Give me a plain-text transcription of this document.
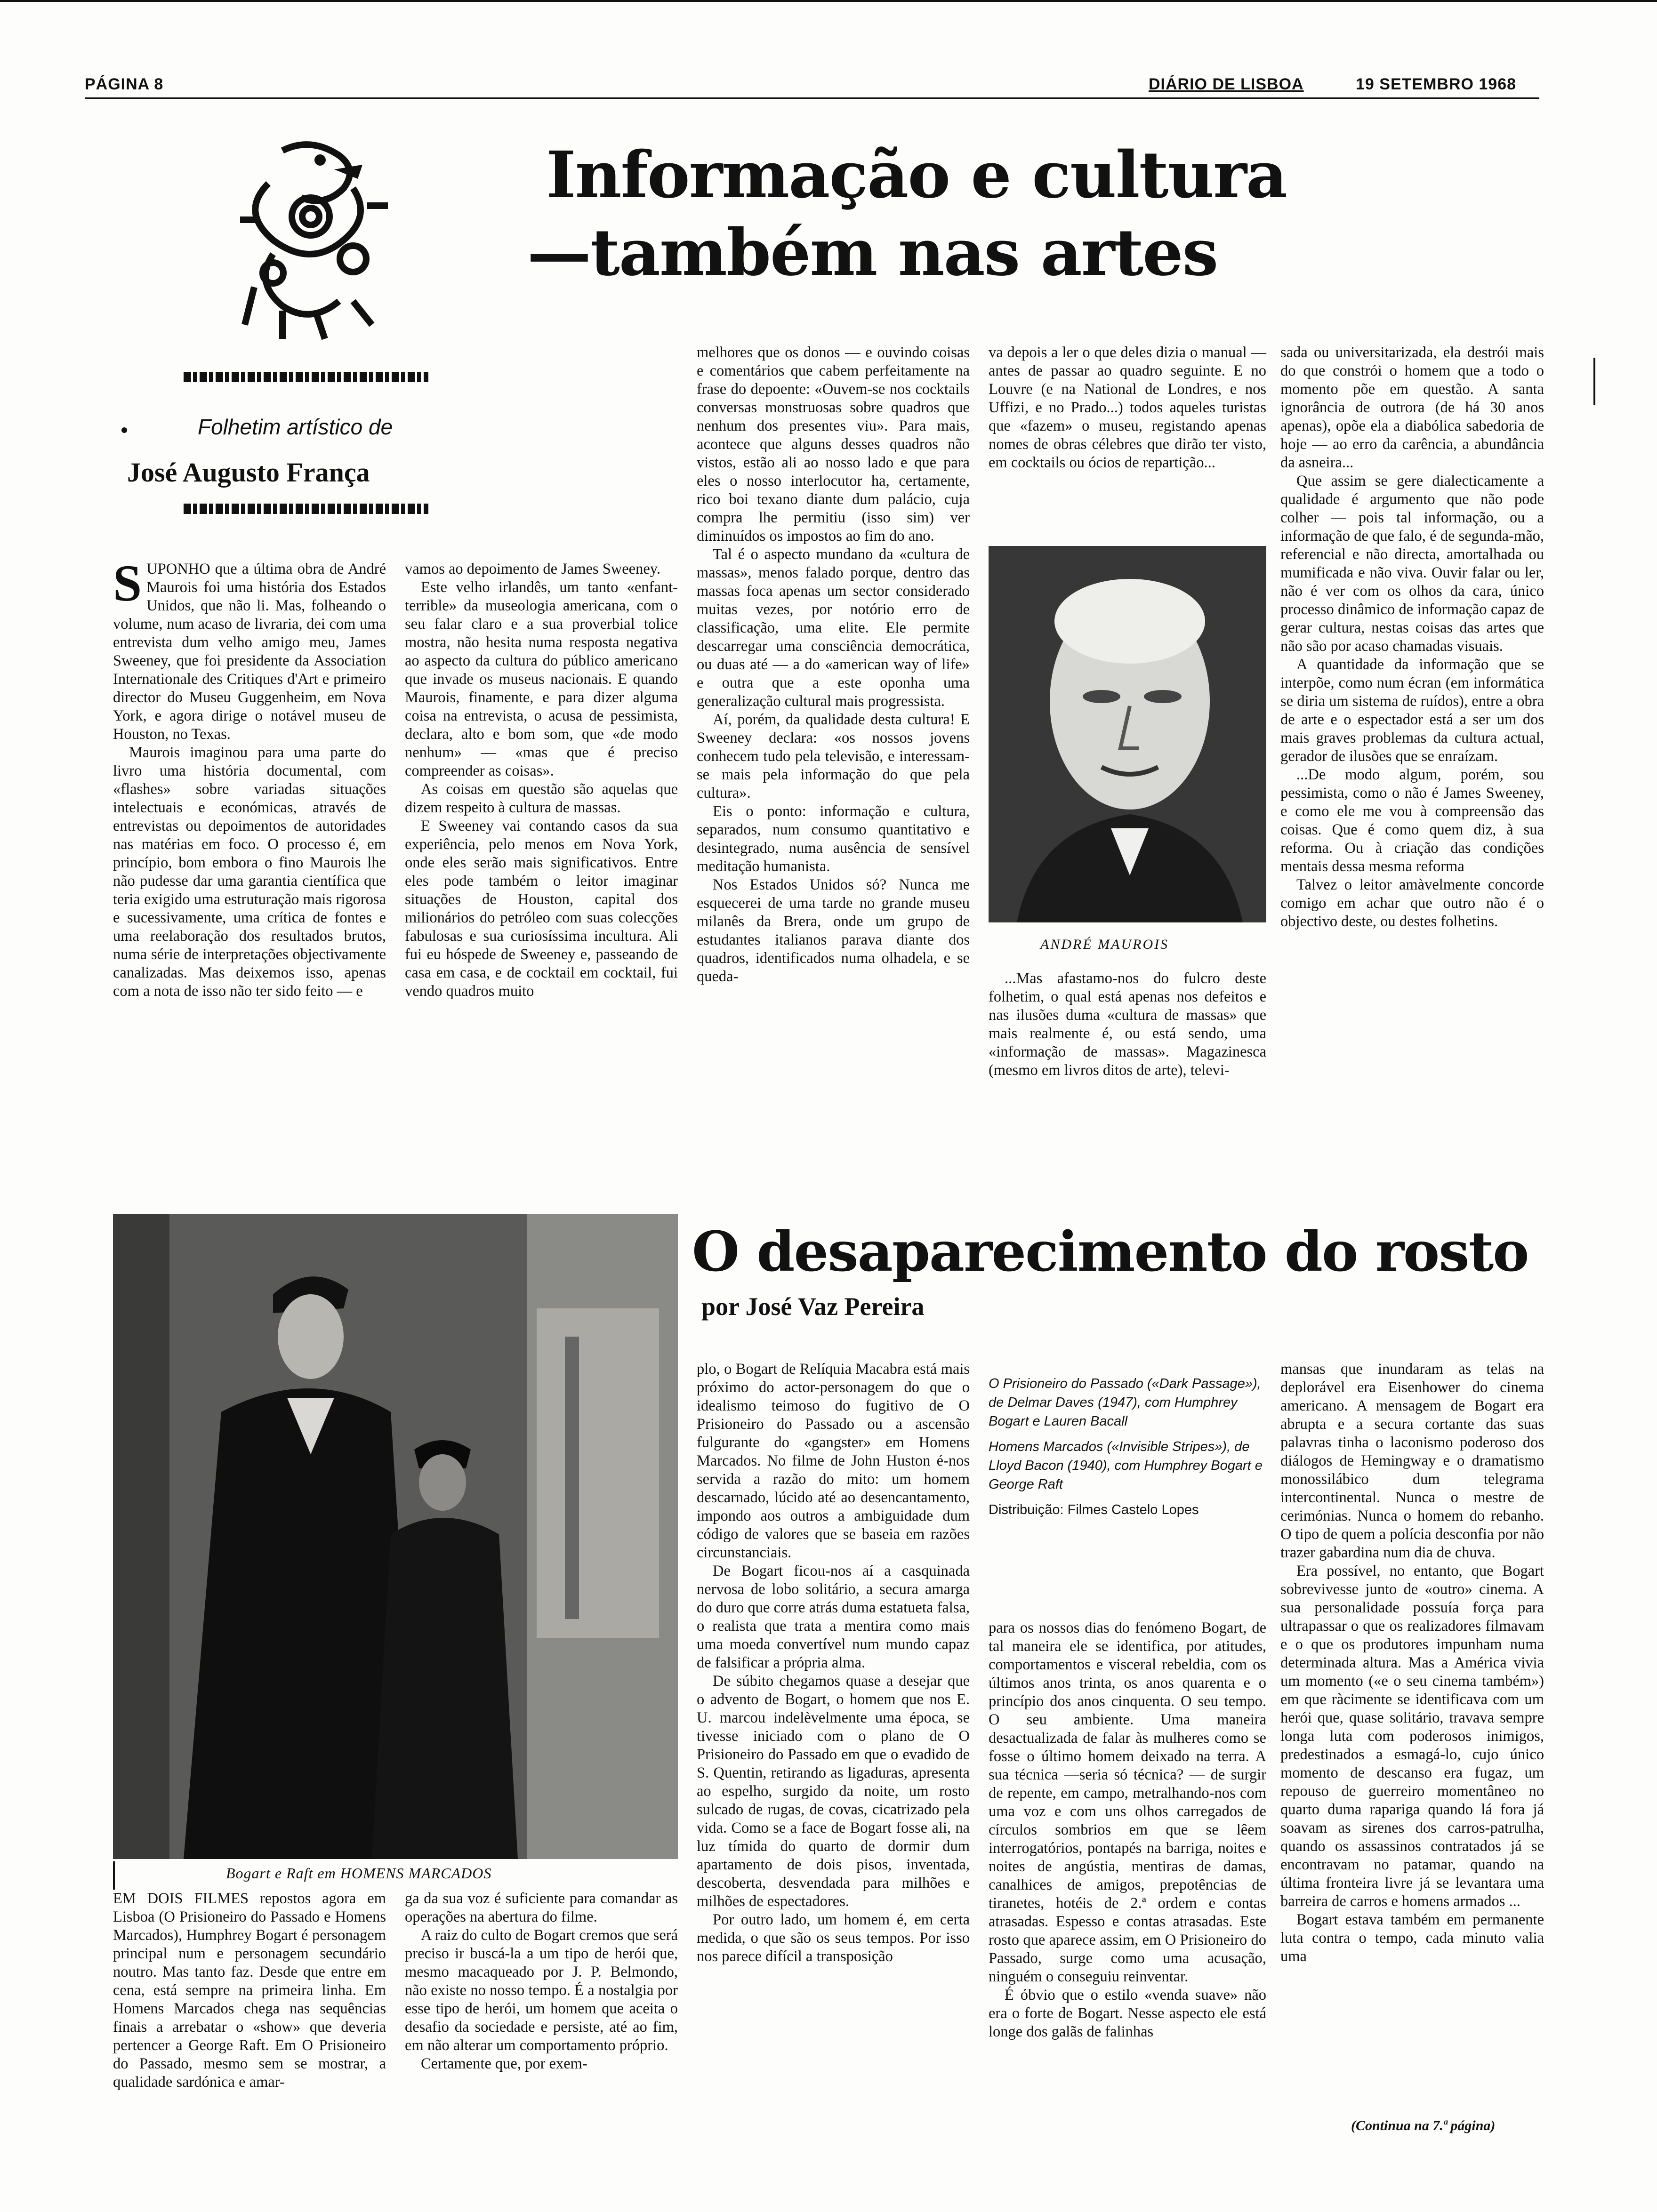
PÁGINA 8	DIÁRIO DE LISBOA	19 SETEMBRO 1968
Folhetim artístico de
José Augusto França
Informação e cultura
—também nas artes

SUPONHO que a última obra de André Maurois foi uma história dos Estados Unidos, que não li. Mas, folheando o volume, num acaso de livraria, dei com uma entrevista dum velho amigo meu, James Sweeney, que foi presidente da Association Internationale des Critiques d'Art e primeiro director do Museu Guggenheim, em Nova York, e agora dirige o notável museu de Houston, no Texas.

Maurois imaginou para uma parte do livro uma história documental, com «flashes» sobre variadas situações intelectuais e económicas, através de entrevistas ou depoimentos de autoridades nas matérias em foco. O processo é, em princípio, bom embora o fino Maurois lhe não pudesse dar uma garantia científica que teria exigido uma estruturação mais rigorosa e sucessivamente, uma crítica de fontes e uma reelaboração dos resultados brutos, numa série de interpretações objectivamente canalizadas. Mas deixemos isso, apenas com a nota de isso não ter sido feito — e

vamos ao depoimento de James Sweeney.

Este velho irlandês, um tanto «enfant-terrible» da museologia americana, com o seu falar claro e a sua proverbial tolice mostra, não hesita numa resposta negativa ao aspecto da cultura do público americano que invade os museus nacionais. E quando Maurois, finamente, e para dizer alguma coisa na entrevista, o acusa de pessimista, declara, alto e bom som, que «de modo nenhum» — «mas que é preciso compreender as coisas».

As coisas em questão são aquelas que dizem respeito à cultura de massas.

E Sweeney vai contando casos da sua experiência, pelo menos em Nova York, onde eles serão mais significativos. Entre eles pode também o leitor imaginar situações de Houston, capital dos milionários do petróleo com suas colecções fabulosas e sua curiosíssima incultura. Ali fui eu hóspede de Sweeney e, passeando de casa em casa, e de cocktail em cocktail, fui vendo quadros muito

melhores que os donos — e ouvindo coisas e comentários que cabem perfeitamente na frase do depoente: «Ouvem-se nos cocktails conversas monstruosas sobre quadros que nenhum dos presentes viu». Para mais, acontece que alguns desses quadros não vistos, estão ali ao nosso lado e que para eles o nosso interlocutor ha, certamente, rico boi texano diante dum palácio, cuja compra lhe permitiu (isso sim) ver diminuídos os impostos ao fim do ano.

Tal é o aspecto mundano da «cultura de massas», menos falado porque, dentro das massas foca apenas um sector considerado muitas vezes, por notório erro de classificação, uma elite. Ele permite descarregar uma consciência democrática, ou duas até — a do «american way of life» e outra que a este oponha uma generalização cultural mais progressista.

Aí, porém, da qualidade desta cultura! E Sweeney declara: «os nossos jovens conhecem tudo pela televisão, e interessam-se mais pela informação do que pela cultura».

Eis o ponto: informação e cultura, separados, num consumo quantitativo e desintegrado, numa ausência de sensível meditação humanista.

Nos Estados Unidos só? Nunca me esquecerei de uma tarde no grande museu milanês da Brera, onde um grupo de estudantes italianos parava diante dos quadros, identificados numa olhadela, e se queda-

va depois a ler o que deles dizia o manual — antes de passar ao quadro seguinte. E no Louvre (e na National de Londres, e nos Uffizi, e no Prado...) todos aqueles turistas que «fazem» o museu, registando apenas nomes de obras célebres que dirão ter visto, em cocktails ou ócios de repartição...

ANDRÉ MAUROIS

...Mas afastamo-nos do fulcro deste folhetim, o qual está apenas nos defeitos e nas ilusões duma «cultura de massas» que mais realmente é, ou está sendo, uma «informação de massas». Magazinesca (mesmo em livros ditos de arte), televi-

sada ou universitarizada, ela destrói mais do que constrói o homem que a todo o momento põe em questão. A santa ignorância de outrora (de há 30 anos apenas), opõe ela a diabólica sabedoria de hoje — ao erro da carência, a abundância da asneira...

Que assim se gere dialecticamente a qualidade é argumento que não pode colher — pois tal informação, ou a informação de que falo, é de segunda-mão, referencial e não directa, amortalhada ou mumificada e não viva. Ouvir falar ou ler, não é ver com os olhos da cara, único processo dinâmico de informação capaz de gerar cultura, nestas coisas das artes que não são por acaso chamadas visuais.

A quantidade da informação que se interpõe, como num écran (em informática se diria um sistema de ruídos), entre a obra de arte e o espectador está a ser um dos mais graves problemas da cultura actual, gerador de ilusões que se enraízam.

...De modo algum, porém, sou pessimista, como o não é James Sweeney, e como ele me vou à compreensão das coisas. Que é como quem diz, à sua reforma. Ou à criação das condições mentais dessa mesma reforma

Talvez o leitor amàvelmente concorde comigo em achar que outro não é o objectivo deste, ou destes folhetins.

Bogart e Raft em HOMENS MARCADOS
O desaparecimento do rosto
por José Vaz Pereira

EM DOIS FILMES repostos agora em Lisboa (O Prisioneiro do Passado e Homens Marcados), Humphrey Bogart é personagem principal num e personagem secundário noutro. Mas tanto faz. Desde que entre em cena, está sempre na primeira linha. Em Homens Marcados chega nas sequências finais a arrebatar o «show» que deveria pertencer a George Raft. Em O Prisioneiro do Passado, mesmo sem se mostrar, a qualidade sardónica e amar-

ga da sua voz é suficiente para comandar as operações na abertura do filme.

A raiz do culto de Bogart cremos que será preciso ir buscá-la a um tipo de herói que, mesmo macaqueado por J. P. Belmondo, não existe no nosso tempo. É a nostalgia por esse tipo de herói, um homem que aceita o desafio da sociedade e persiste, até ao fim, em não alterar um comportamento próprio.

Certamente que, por exem-

plo, o Bogart de Relíquia Macabra está mais próximo do actor-personagem do que o idealismo teimoso do fugitivo de O Prisioneiro do Passado ou a ascensão fulgurante do «gangster» em Homens Marcados. No filme de John Huston é-nos servida a razão do mito: um homem descarnado, lúcido até ao desencantamento, impondo aos outros a ambiguidade dum código de valores que se baseia em razões circunstanciais.

De Bogart ficou-nos aí a casquinada nervosa de lobo solitário, a secura amarga do duro que corre atrás duma estatueta falsa, o realista que trata a mentira como mais uma moeda convertível num mundo capaz de falsificar a própria alma.

De súbito chegamos quase a desejar que o advento de Bogart, o homem que nos E. U. marcou indelèvelmente uma época, se tivesse iniciado com o plano de O Prisioneiro do Passado em que o evadido de S. Quentin, retirando as ligaduras, apresenta ao espelho, surgido da noite, um rosto sulcado de rugas, de covas, cicatrizado pela vida. Como se a face de Bogart fosse ali, na luz tímida do quarto de dormir dum apartamento de dois pisos, inventada, descoberta, desvendada para milhões e milhões de espectadores.

Por outro lado, um homem é, em certa medida, o que são os seus tempos. Por isso nos parece difícil a transposição

O Prisioneiro do Passado («Dark Passage»), de Delmar Daves (1947), com Humphrey Bogart e Lauren Bacall
Homens Marcados («Invisible Stripes»), de Lloyd Bacon (1940), com Humphrey Bogart e George Raft
Distribuição: Filmes Castelo Lopes

para os nossos dias do fenómeno Bogart, de tal maneira ele se identifica, por atitudes, comportamentos e visceral rebeldia, com os últimos anos trinta, os anos quarenta e o princípio dos anos cinquenta. O seu tempo. O seu ambiente. Uma maneira desactualizada de falar às mulheres como se fosse o último homem deixado na terra. A sua técnica —seria só técnica? — de surgir de repente, em campo, metralhando-nos com uma voz e com uns olhos carregados de círculos sombrios em que se lêem interrogatórios, pontapés na barriga, noites e noites de angústia, mentiras de damas, canalhices de amigos, prepotências de tiranetes, hotéis de 2.ª ordem e contas atrasadas. Espesso e contas atrasadas. Este rosto que aparece assim, em O Prisioneiro do Passado, surge como uma acusação, ninguém o conseguiu reinventar.

É óbvio que o estilo «venda suave» não era o forte de Bogart. Nesse aspecto ele está longe dos galãs de falinhas

mansas que inundaram as telas na deplorável era Eisenhower do cinema americano. A mensagem de Bogart era abrupta e a secura cortante das suas palavras tinha o laconismo poderoso dos diálogos de Hemingway e o dramatismo monossilábico dum telegrama intercontinental. Nunca o mestre de cerimónias. Nunca o homem do rebanho. O tipo de quem a polícia desconfia por não trazer gabardina num dia de chuva.

Era possível, no entanto, que Bogart sobrevivesse junto de «outro» cinema. A sua personalidade possuía força para ultrapassar o que os realizadores filmavam e o que os produtores impunham numa determinada altura. Mas a América vivia um momento («e o seu cinema também») em que ràcimente se identificava com um herói que, quase solitário, travava sempre longa luta com poderosos inimigos, predestinados a esmagá-lo, cujo único momento de descanso era fugaz, um repouso de guerreiro momentâneo no quarto duma rapariga quando lá fora já soavam as sirenes dos carros-patrulha, quando os assassinos contratados já se encontravam no patamar, quando na última fronteira livre já se levantara uma barreira de carros e homens armados ...

Bogart estava também em permanente luta contra o tempo, cada minuto valia uma

(Continua na 7.ª página)
